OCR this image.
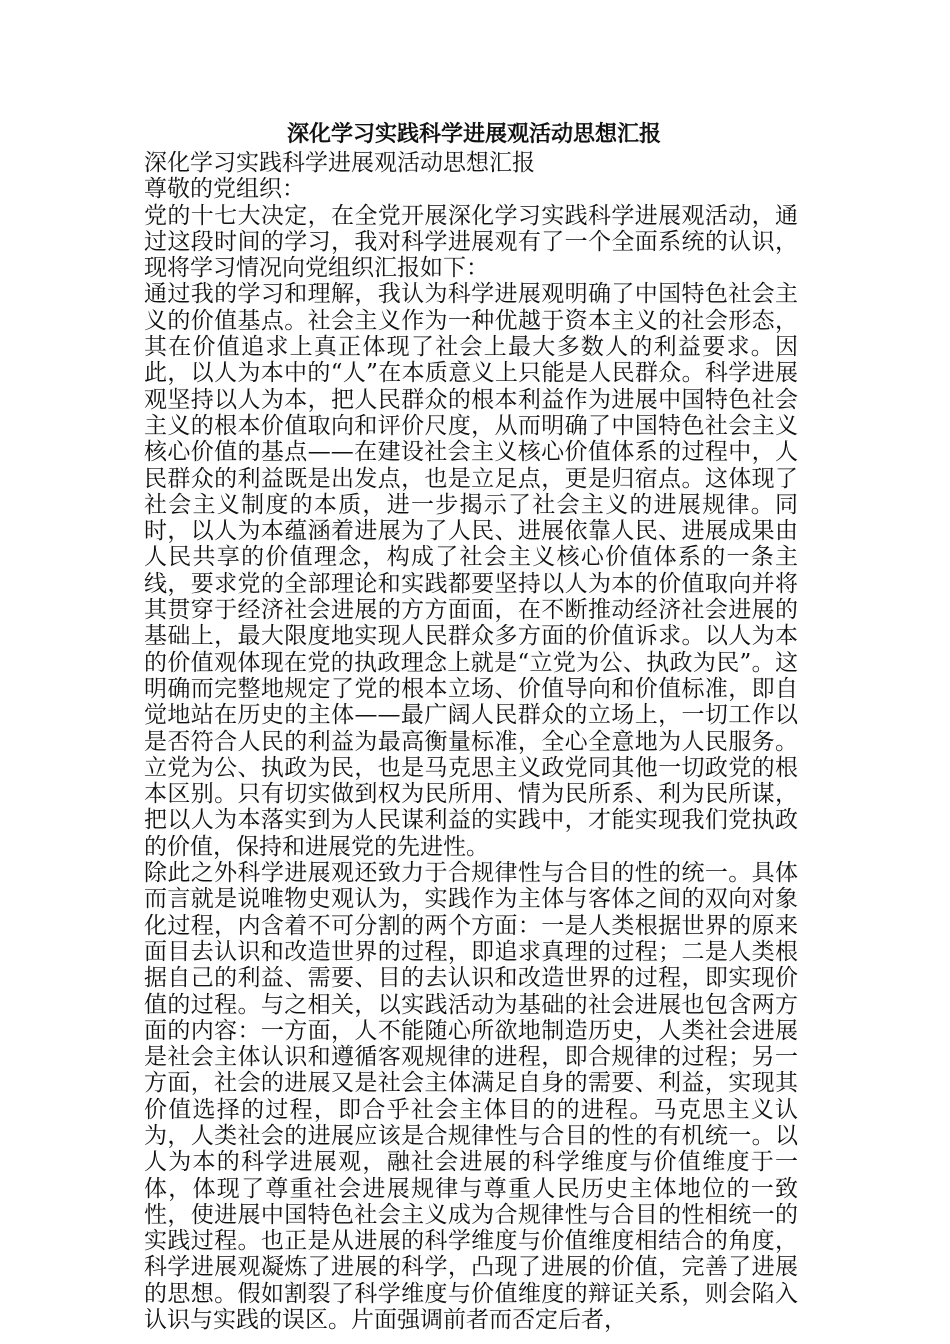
深化学习实践科学进展观活动思想汇报

深化学习实践科学进展观活动思想汇报

尊敬的党组织：

党的十七大决定，在全党开展深化学习实践科学进展观活动，通过这段时间的学习，我对科学进展观有了一个全面系统的认识，现将学习情况向党组织汇报如下：

通过我的学习和理解，我认为科学进展观明确了中国特色社会主义的价值基点。社会主义作为一种优越于资本主义的社会形态，其在价值追求上真正体现了社会上最大多数人的利益要求。因此，以人为本中的“人”在本质意义上只能是人民群众。科学进展观坚持以人为本，把人民群众的根本利益作为进展中国特色社会主义的根本价值取向和评价尺度，从而明确了中国特色社会主义核心价值的基点——在建设社会主义核心价值体系的过程中，人民群众的利益既是出发点，也是立足点，更是归宿点。这体现了社会主义制度的本质，进一步揭示了社会主义的进展规律。同时，以人为本蕴涵着进展为了人民、进展依靠人民、进展成果由人民共享的价值理念，构成了社会主义核心价值体系的一条主线，要求党的全部理论和实践都要坚持以人为本的价值取向并将其贯穿于经济社会进展的方方面面，在不断推动经济社会进展的基础上，最大限度地实现人民群众多方面的价值诉求。以人为本的价值观体现在党的执政理念上就是“立党为公、执政为民”。这明确而完整地规定了党的根本立场、价值导向和价值标准，即自觉地站在历史的主体——最广阔人民群众的立场上，一切工作以是否符合人民的利益为最高衡量标准，全心全意地为人民服务。立党为公、执政为民，也是马克思主义政党同其他一切政党的根本区别。只有切实做到权为民所用、情为民所系、利为民所谋，把以人为本落实到为人民谋利益的实践中，才能实现我们党执政的价值，保持和进展党的先进性。

除此之外科学进展观还致力于合规律性与合目的性的统一。具体而言就是说唯物史观认为，实践作为主体与客体之间的双向对象化过程，内含着不可分割的两个方面：一是人类根据世界的原来面目去认识和改造世界的过程，即追求真理的过程；二是人类根据自己的利益、需要、目的去认识和改造世界的过程，即实现价值的过程。与之相关，以实践活动为基础的社会进展也包含两方面的内容：一方面，人不能随心所欲地制造历史，人类社会进展是社会主体认识和遵循客观规律的进程，即合规律的过程；另一方面，社会的进展又是社会主体满足自身的需要、利益，实现其价值选择的过程，即合乎社会主体目的的进程。马克思主义认为，人类社会的进展应该是合规律性与合目的性的有机统一。以人为本的科学进展观，融社会进展的科学维度与价值维度于一体，体现了尊重社会进展规律与尊重人民历史主体地位的一致性，使进展中国特色社会主义成为合规律性与合目的性相统一的实践过程。也正是从进展的科学维度与价值维度相结合的角度，科学进展观凝炼了进展的科学，凸现了进展的价值，完善了进展的思想。假如割裂了科学维度与价值维度的辩证关系，则会陷入认识与实践的误区。片面强调前者而否定后者，
